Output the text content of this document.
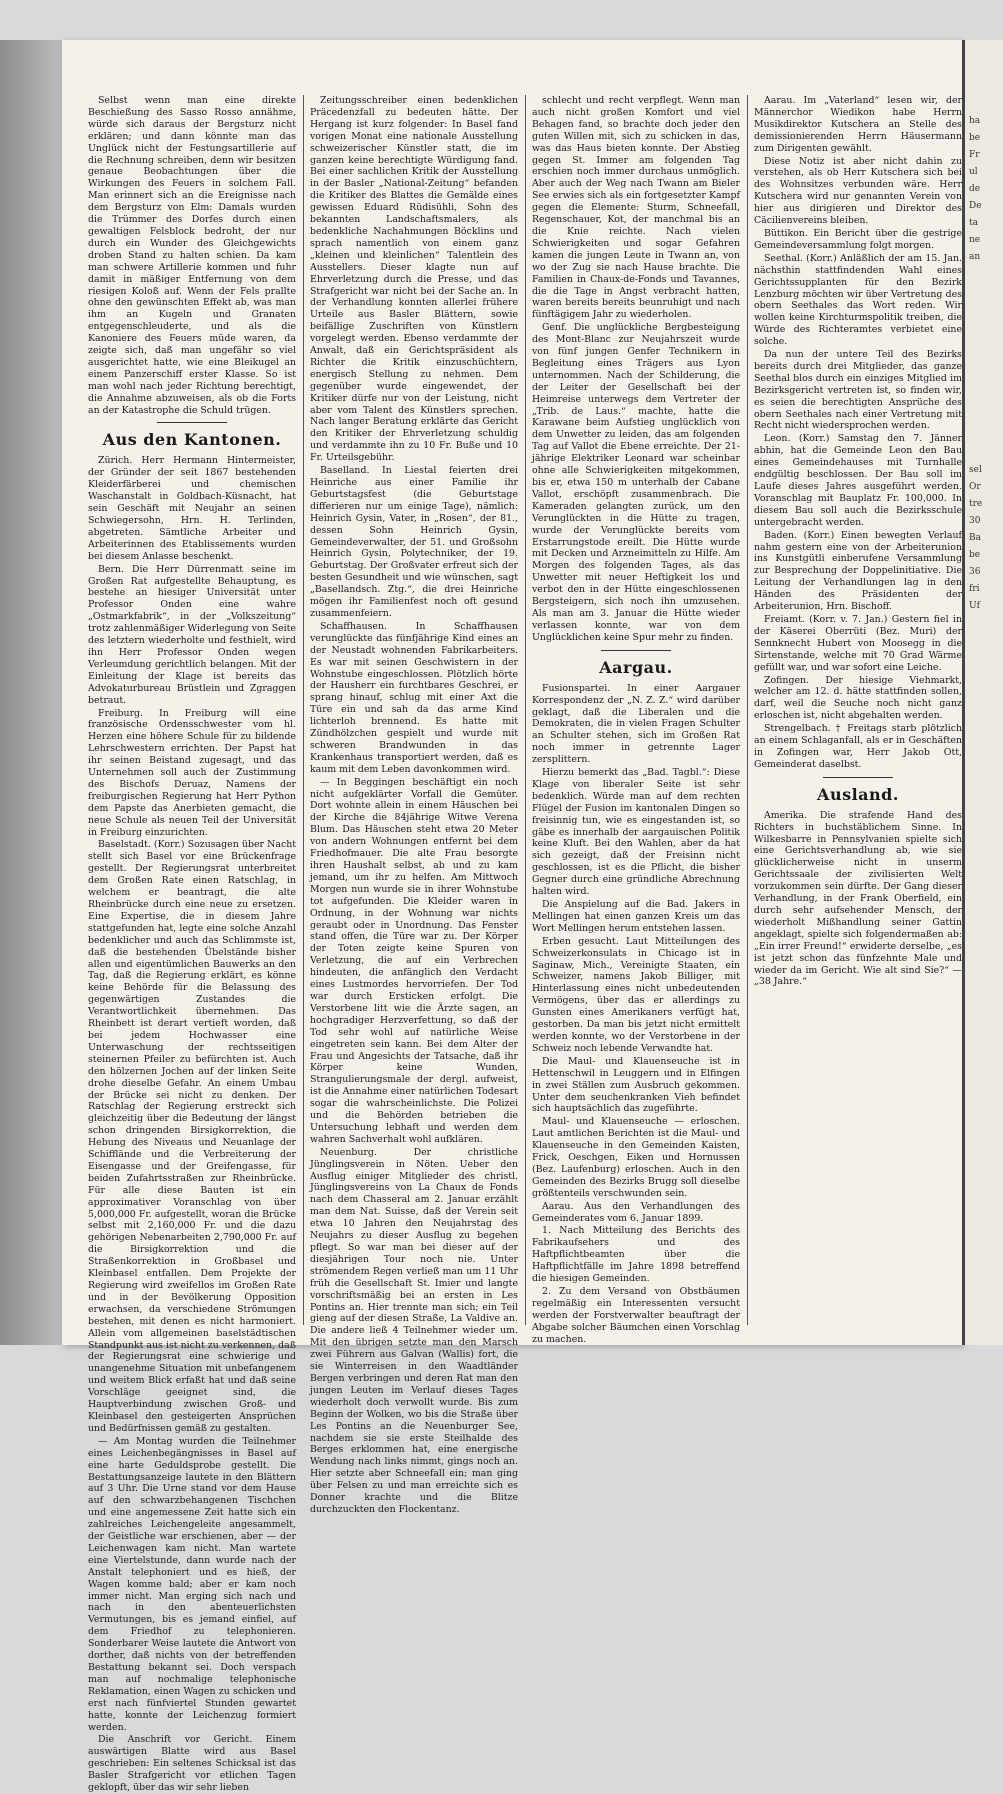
ha
be
Fr
ul
de
De
ta
ne
an
sel
Or
tre
30
Ba
be
36
fri
Uf

Selbst wenn man eine direkte Beschießung des Sasso Rosso annähme, würde sich daraus der Bergsturz nicht erklären; und dann könnte man das Unglück nicht der Festungsartillerie auf die Rechnung schreiben, denn wir besitzen genaue Beobachtungen über die Wirkungen des Feuers in solchem Fall. Man erinnert sich an die Ereignisse nach dem Bergsturz von Elm: Damals wurden die Trümmer des Dorfes durch einen gewaltigen Felsblock bedroht, der nur durch ein Wunder des Gleichgewichts droben Stand zu halten schien. Da kam man schwere Artillerie kommen und fuhr damit in mäßiger Entfernung von dem riesigen Koloß auf. Wenn der Fels prallte ohne den gewünschten Effekt ab, was man ihm an Kugeln und Granaten entgegenschleuderte, und als die Kanoniere des Feuers müde waren, da zeigte sich, daß man ungefähr so viel ausgerichtet hatte, wie eine Bleikugel an einem Panzerschiff erster Klasse. So ist man wohl nach jeder Richtung berechtigt, die Annahme abzuweisen, als ob die Forts an der Katastrophe die Schuld trügen.

Aus den Kantonen.

Zürich. Herr Hermann Hintermeister, der Gründer der seit 1867 bestehenden Kleiderfärberei und chemischen Waschanstalt in Goldbach-Küsnacht, hat sein Geschäft mit Neujahr an seinen Schwiegersohn, Hrn. H. Terlinden, abgetreten. Sämtliche Arbeiter und Arbeiterinnen des Etablissements wurden bei diesem Anlasse beschenkt.

Bern. Die Herr Dürrenmatt seine im Großen Rat aufgestellte Behauptung, es bestehe an hiesiger Universität unter Professor Onden eine wahre „Ostmarkfabrik“, in der „Volkszeitung“ trotz zahlenmäßiger Widerlegung von Seite des letztern wiederholte und festhielt, wird ihn Herr Professor Onden wegen Verleumdung gerichtlich belangen. Mit der Einleitung der Klage ist bereits das Advokaturbureau Brüstlein und Zgraggen betraut.

Freiburg. In Freiburg will eine französische Ordensschwester vom hl. Herzen eine höhere Schule für zu bildende Lehrschwestern errichten. Der Papst hat ihr seinen Beistand zugesagt, und das Unternehmen soll auch der Zustimmung des Bischofs Deruaz, Namens der freiburgischen Regierung hat Herr Python dem Papste das Anerbieten gemacht, die neue Schule als neuen Teil der Universität in Freiburg einzurichten.

Baselstadt. (Korr.) Sozusagen über Nacht stellt sich Basel vor eine Brückenfrage gestellt. Der Regierungsrat unterbreitet dem Großen Rate einen Ratschlag, in welchem er beantragt, die alte Rheinbrücke durch eine neue zu ersetzen. Eine Expertise, die in diesem Jahre stattgefunden hat, legte eine solche Anzahl bedenklicher und auch das Schlimmste ist, daß die bestehenden Übelstände bisher allen und eigentümlichen Bauwerks an den Tag, daß die Regierung erklärt, es könne keine Behörde für die Belassung des gegenwärtigen Zustandes die Verantwortlichkeit übernehmen. Das Rheinbett ist derart vertieft worden, daß bei jedem Hochwasser eine Unterwaschung der rechtsseitigen steinernen Pfeiler zu befürchten ist. Auch den hölzernen Jochen auf der linken Seite drohe dieselbe Gefahr. An einem Umbau der Brücke sei nicht zu denken. Der Ratschlag der Regierung erstreckt sich gleichzeitig über die Bedeutung der längst schon dringenden Birsigkorrektion, die Hebung des Niveaus und Neuanlage der Schifflände und die Verbreiterung der Eisengasse und der Greifengasse, für beiden Zufahrtsstraßen zur Rheinbrücke. Für alle diese Bauten ist ein approximativer Voranschlag von über 5,000,000 Fr. aufgestellt, woran die Brücke selbst mit 2,160,000 Fr. und die dazu gehörigen Nebenarbeiten 2,790,000 Fr. auf die Birsigkorrektion und die Straßenkorrektion in Großbasel und Kleinbasel entfallen. Dem Projekte der Regierung wird zweifellos im Großen Rate und in der Bevölkerung Opposition erwachsen, da verschiedene Strömungen bestehen, mit denen es nicht harmoniert. Allein vom allgemeinen baselstädtischen Standpunkt aus ist nicht zu verkennen, daß der Regierungsrat eine schwierige und unangenehme Situation mit unbefangenem und weitem Blick erfaßt hat und daß seine Vorschläge geeignet sind, die Hauptverbindung zwischen Groß- und Kleinbasel den gesteigerten Ansprüchen und Bedürfnissen gemäß zu gestalten.

— Am Montag wurden die Teilnehmer eines Leichenbegängnisses in Basel auf eine harte Geduldsprobe gestellt. Die Bestattungsanzeige lautete in den Blättern auf 3 Uhr. Die Urne stand vor dem Hause auf den schwarzbehangenen Tischchen und eine angemessene Zeit hatte sich ein zahlreiches Leichengeleite angesammelt, der Geistliche war erschienen, aber — der Leichenwagen kam nicht. Man wartete eine Viertelstunde, dann wurde nach der Anstalt telephoniert und es hieß, der Wagen komme bald; aber er kam noch immer nicht. Man erging sich nach und nach in den abenteuerlichsten Vermutungen, bis es jemand einfiel, auf dem Friedhof zu telephonieren. Sonderbarer Weise lautete die Antwort von dorther, daß nichts von der betreffenden Bestattung bekannt sei. Doch verspach man auf nochmalige telephonische Reklamation, einen Wagen zu schicken und erst nach fünfviertel Stunden gewartet hatte, konnte der Leichenzug formiert werden.

Die Anschrift vor Gericht. Einem auswärtigen Blatte wird aus Basel geschrieben: Ein seltenes Schicksal ist das Basler Strafgericht vor etlichen Tagen geklopft, über das wir sehr lieben

Zeitungsschreiber einen bedenklichen Präcedenzfall zu bedeuten hätte. Der Hergang ist kurz folgender: In Basel fand vorigen Monat eine nationale Ausstellung schweizerischer Künstler statt, die im ganzen keine berechtigte Würdigung fand. Bei einer sachlichen Kritik der Ausstellung in der Basler „National-Zeitung“ befanden die Kritiker des Blattes die Gemälde eines gewissen Eduard Rüdisühli, Sohn des bekannten Landschaftsmalers, als bedenkliche Nachahmungen Böcklins und sprach namentlich von einem ganz „kleinen und kleinlichen“ Talentlein des Ausstellers. Dieser klagte nun auf Ehrverletzung durch die Presse, und das Strafgericht war nicht bei der Sache an. In der Verhandlung konnten allerlei frühere Urteile aus Basler Blättern, sowie beifällige Zuschriften von Künstlern vorgelegt werden. Ebenso verdammte der Anwalt, daß ein Gerichtspräsident als Richter die Kritik einzuschüchtern, energisch Stellung zu nehmen. Dem gegenüber wurde eingewendet, der Kritiker dürfe nur von der Leistung, nicht aber vom Talent des Künstlers sprechen. Nach langer Beratung erklärte das Gericht den Kritiker der Ehrverletzung schuldig und verdammte ihn zu 10 Fr. Buße und 10 Fr. Urteilsgebühr.

Baselland. In Liestal feierten drei Heinriche aus einer Familie ihr Geburtstagsfest (die Geburtstage differieren nur um einige Tage), nämlich: Heinrich Gysin, Vater, in „Rosen“, der 81., dessen Sohn Heinrich Gysin, Gemeindeverwalter, der 51. und Großsohn Heinrich Gysin, Polytechniker, der 19. Geburtstag. Der Großvater erfreut sich der besten Gesundheit und wie wünschen, sagt „Basellandsch. Ztg.“, die drei Heinriche mögen ihr Familienfest noch oft gesund zusammenfeiern.

Schaffhausen. In Schaffhausen verunglückte das fünfjährige Kind eines an der Neustadt wohnenden Fabrikarbeiters. Es war mit seinen Geschwistern in der Wohnstube eingeschlossen. Plötzlich hörte der Hausherr ein furchtbares Geschrei, er sprang hinauf, schlug mit einer Axt die Türe ein und sah da das arme Kind lichterloh brennend. Es hatte mit Zündhölzchen gespielt und wurde mit schweren Brandwunden in das Krankenhaus transportiert werden, daß es kaum mit dem Leben davonkommen wird.

— In Beggingen beschäftigt ein noch nicht aufgeklärter Vorfall die Gemüter. Dort wohnte allein in einem Häuschen bei der Kirche die 84jährige Witwe Verena Blum. Das Häuschen steht etwa 20 Meter von andern Wohnungen entfernt bei dem Friedhofmauer. Die alte Frau besorgte ihren Haushalt selbst, ab und zu kam jemand, um ihr zu helfen. Am Mittwoch Morgen nun wurde sie in ihrer Wohnstube tot aufgefunden. Die Kleider waren in Ordnung, in der Wohnung war nichts geraubt oder in Unordnung. Das Fenster stand offen, die Türe war zu. Der Körper der Toten zeigte keine Spuren von Verletzung, die auf ein Verbrechen hindeuten, die anfänglich den Verdacht eines Lustmordes hervorriefen. Der Tod war durch Ersticken erfolgt. Die Verstorbene litt wie die Ärzte sagen, an hochgradiger Herzverfettung, so daß der Tod sehr wohl auf natürliche Weise eingetreten sein kann. Bei dem Alter der Frau und Angesichts der Tatsache, daß ihr Körper keine Wunden, Strangulierungsmale der dergl. aufweist, ist die Annahme einer natürlichen Todesart sogar die wahrscheinlichste. Die Polizei und die Behörden betrieben die Untersuchung lebhaft und werden dem wahren Sachverhalt wohl aufklären.

Neuenburg. Der christliche Jünglingsverein in Nöten. Ueber den Ausflug einiger Mitglieder des christl. Jünglingsvereins von La Chaux de Fonds nach dem Chasseral am 2. Januar erzählt man dem Nat. Suisse, daß der Verein seit etwa 10 Jahren den Neujahrstag des Neujahrs zu dieser Ausflug zu begehen pflegt. So war man bei dieser auf der diesjährigen Tour noch nie. Unter strömendem Regen verließ man um 11 Uhr früh die Gesellschaft St. Imier und langte vorschriftsmäßig bei an ersten in Les Pontins an. Hier trennte man sich; ein Teil gieng auf der diesen Straße, La Valdive an. Die andere ließ 4 Teilnehmer wieder um. Mit den übrigen setzte man den Marsch zwei Führern aus Galvan (Wallis) fort, die sie Winterreisen in den Waadtländer Bergen verbringen und deren Rat man den jungen Leuten im Verlauf dieses Tages wiederholt doch verwollt wurde. Bis zum Beginn der Wolken, wo bis die Straße über Les Pontins an die Neuenburger See, nachdem sie sie erste Steilhalde des Berges erklommen hat, eine energische Wendung nach links nimmt, gings noch an. Hier setzte aber Schneefall ein; man ging über Felsen zu und man erreichte sich es Donner krachte und die Blitze durchzuckten den Flockentanz.

schlecht und recht verpflegt. Wenn man auch nicht großen Komfort und viel Behagen fand, so brachte doch jeder den guten Willen mit, sich zu schicken in das, was das Haus bieten konnte. Der Abstieg gegen St. Immer am folgenden Tag erschien noch immer durchaus unmöglich. Aber auch der Weg nach Twann am Bieler See erwies sich als ein fortgesetzter Kampf gegen die Elemente: Sturm, Schneefall, Regenschauer, Kot, der manchmal bis an die Knie reichte. Nach vielen Schwierigkeiten und sogar Gefahren kamen die jungen Leute in Twann an, von wo der Zug sie nach Hause brachte. Die Familien in Chaux-de-Fonds und Tavannes, die die Tage in Angst verbracht hatten, waren bereits bereits beunruhigt und nach fünftägigem Jahr zu wiederholen.

Genf. Die unglückliche Bergbesteigung des Mont-Blanc zur Neujahrszeit wurde von fünf jungen Genfer Technikern in Begleitung eines Trägers aus Lyon unternommen. Nach der Schilderung, die der Leiter der Gesellschaft bei der Heimreise unterwegs dem Vertreter der „Trib. de Laus.“ machte, hatte die Karawane beim Aufstieg unglücklich von dem Unwetter zu leiden, das am folgenden Tag auf Vallot die Ebene erreichte. Der 21-jährige Elektriker Leonard war scheinbar ohne alle Schwierigkeiten mitgekommen, bis er, etwa 150 m unterhalb der Cabane Vallot, erschöpft zusammenbrach. Die Kameraden gelangten zurück, um den Verunglückten in die Hütte zu tragen, wurde der Verunglückte bereits vom Erstarrungstode ereilt. Die Hütte wurde mit Decken und Arzneimitteln zu Hilfe. Am Morgen des folgenden Tages, als das Unwetter mit neuer Heftigkeit los und verbot den in der Hütte eingeschlossenen Bergsteigern, sich noch ihn umzusehen. Als man am 3. Januar die Hütte wieder verlassen konnte, war von dem Unglücklichen keine Spur mehr zu finden.

Aargau.

Fusionspartei. In einer Aargauer Korrespondenz der „N. Z. Z.“ wird darüber geklagt, daß die Liberalen und die Demokraten, die in vielen Fragen Schulter an Schulter stehen, sich im Großen Rat noch immer in getrennte Lager zersplittern.

Hierzu bemerkt das „Bad. Tagbl.“: Diese Klage von liberaler Seite ist sehr bedenklich. Würde man auf dem rechten Flügel der Fusion im kantonalen Dingen so freisinnig tun, wie es eingestanden ist, so gäbe es innerhalb der aargauischen Politik keine Kluft. Bei den Wahlen, aber da hat sich gezeigt, daß der Freisinn nicht geschlossen, ist es die Pflicht, die bisher Gegner durch eine gründliche Abrechnung halten wird.

Die Anspielung auf die Bad. Jakers in Mellingen hat einen ganzen Kreis um das Wort Mellingen herum entstehen lassen.

Erben gesucht. Laut Mitteilungen des Schweizerkonsulats in Chicago ist in Saginaw, Mich., Vereinigte Staaten, ein Schweizer, namens Jakob Billiger, mit Hinterlassung eines nicht unbedeutenden Vermögens, über das er allerdings zu Gunsten eines Amerikaners verfügt hat, gestorben. Da man bis jetzt nicht ermittelt werden konnte, wo der Verstorbene in der Schweiz noch lebende Verwandte hat.

Die Maul- und Klauenseuche ist in Hettenschwil in Leuggern und in Elfingen in zwei Ställen zum Ausbruch gekommen. Unter dem seuchenkranken Vieh befindet sich hauptsächlich das zugeführte.

Maul- und Klauenseuche — erloschen. Laut amtlichen Berichten ist die Maul- und Klauenseuche in den Gemeinden Kaisten, Frick, Oeschgen, Eiken und Hornussen (Bez. Laufenburg) erloschen. Auch in den Gemeinden des Bezirks Brugg soll dieselbe größtenteils verschwunden sein.

Aarau. Aus den Verhandlungen des Gemeinderates vom 6. Januar 1899.

1. Nach Mitteilung des Berichts des Fabrikaufsehers und des Haftpflichtbeamten über die Haftpflichtfälle im Jahre 1898 betreffend die hiesigen Gemeinden.

2. Zu dem Versand von Obstbäumen regelmäßig ein Interessenten versucht werden der Forstverwalter beauftragt der Abgabe solcher Bäumchen einen Vorschlag zu machen.

Aarau. Im „Vaterland“ lesen wir, der Männerchor Wiedikon habe Herrn Musikdirektor Kutschera an Stelle des demissionierenden Herrn Häusermann zum Dirigenten gewählt.

Diese Notiz ist aber nicht dahin zu verstehen, als ob Herr Kutschera sich bei des Wohnsitzes verbunden wäre. Herr Kutschera wird nur genannten Verein von hier aus dirigieren und Direktor des Cäcilienvereins bleiben.

Büttikon. Ein Bericht über die gestrige Gemeindeversammlung folgt morgen.

Seethal. (Korr.) Anläßlich der am 15. Jan. nächsthin stattfindenden Wahl eines Gerichtssupplanten für den Bezirk Lenzburg möchten wir über Vertretung des obern Seethales das Wort reden. Wir wollen keine Kirchturmspolitik treiben, die Würde des Richteramtes verbietet eine solche.

Da nun der untere Teil des Bezirks bereits durch drei Mitglieder, das ganze Seethal blos durch ein einziges Mitglied im Bezirksgericht vertreten ist, so finden wir, es seien die berechtigten Ansprüche des obern Seethales nach einer Vertretung mit Recht nicht wiedersprochen werden.

Leon. (Korr.) Samstag den 7. Jänner abhin, hat die Gemeinde Leon den Bau eines Gemeindehauses mit Turnhalle endgültig beschlossen. Der Bau soll im Laufe dieses Jahres ausgeführt werden. Voranschlag mit Bauplatz Fr. 100,000. In diesem Bau soll auch die Bezirksschule untergebracht werden.

Baden. (Korr.) Einen bewegten Verlauf nahm gestern eine von der Arbeiterunion ins Kunstgütli einberufene Versammlung zur Besprechung der Doppelinitiative. Die Leitung der Verhandlungen lag in den Händen des Präsidenten der Arbeiterunion, Hrn. Bischoff.

Freiamt. (Korr. v. 7. Jan.) Gestern fiel in der Käserei Oberrüti (Bez. Muri) der Sennknecht Hubert von Moosegg in die Sirtenstande, welche mit 70 Grad Wärme gefüllt war, und war sofort eine Leiche.

Zofingen. Der hiesige Viehmarkt, welcher am 12. d. hätte stattfinden sollen, darf, weil die Seuche noch nicht ganz erloschen ist, nicht abgehalten werden.

Strengelbach. † Freitags starb plötzlich an einem Schlaganfall, als er in Geschäften in Zofingen war, Herr Jakob Ott, Gemeinderat daselbst.

Ausland.

Amerika. Die strafende Hand des Richters in buchstäblichem Sinne. In Wilkesbarre in Pennsylvanien spielte sich eine Gerichtsverhandlung ab, wie sie glücklicherweise nicht in unserm Gerichtssaale der zivilisierten Welt vorzukommen sein dürfte. Der Gang dieser Verhandlung, in der Frank Oberfield, ein durch sehr aufsehender Mensch, der wiederholt Mißhandlung seiner Gattin angeklagt, spielte sich folgendermaßen ab: „Ein irrer Freund!“ erwiderte derselbe, „es ist jetzt schon das fünfzehnte Male und wieder da im Gericht. Wie alt sind Sie?“ — „38 Jahre.“
